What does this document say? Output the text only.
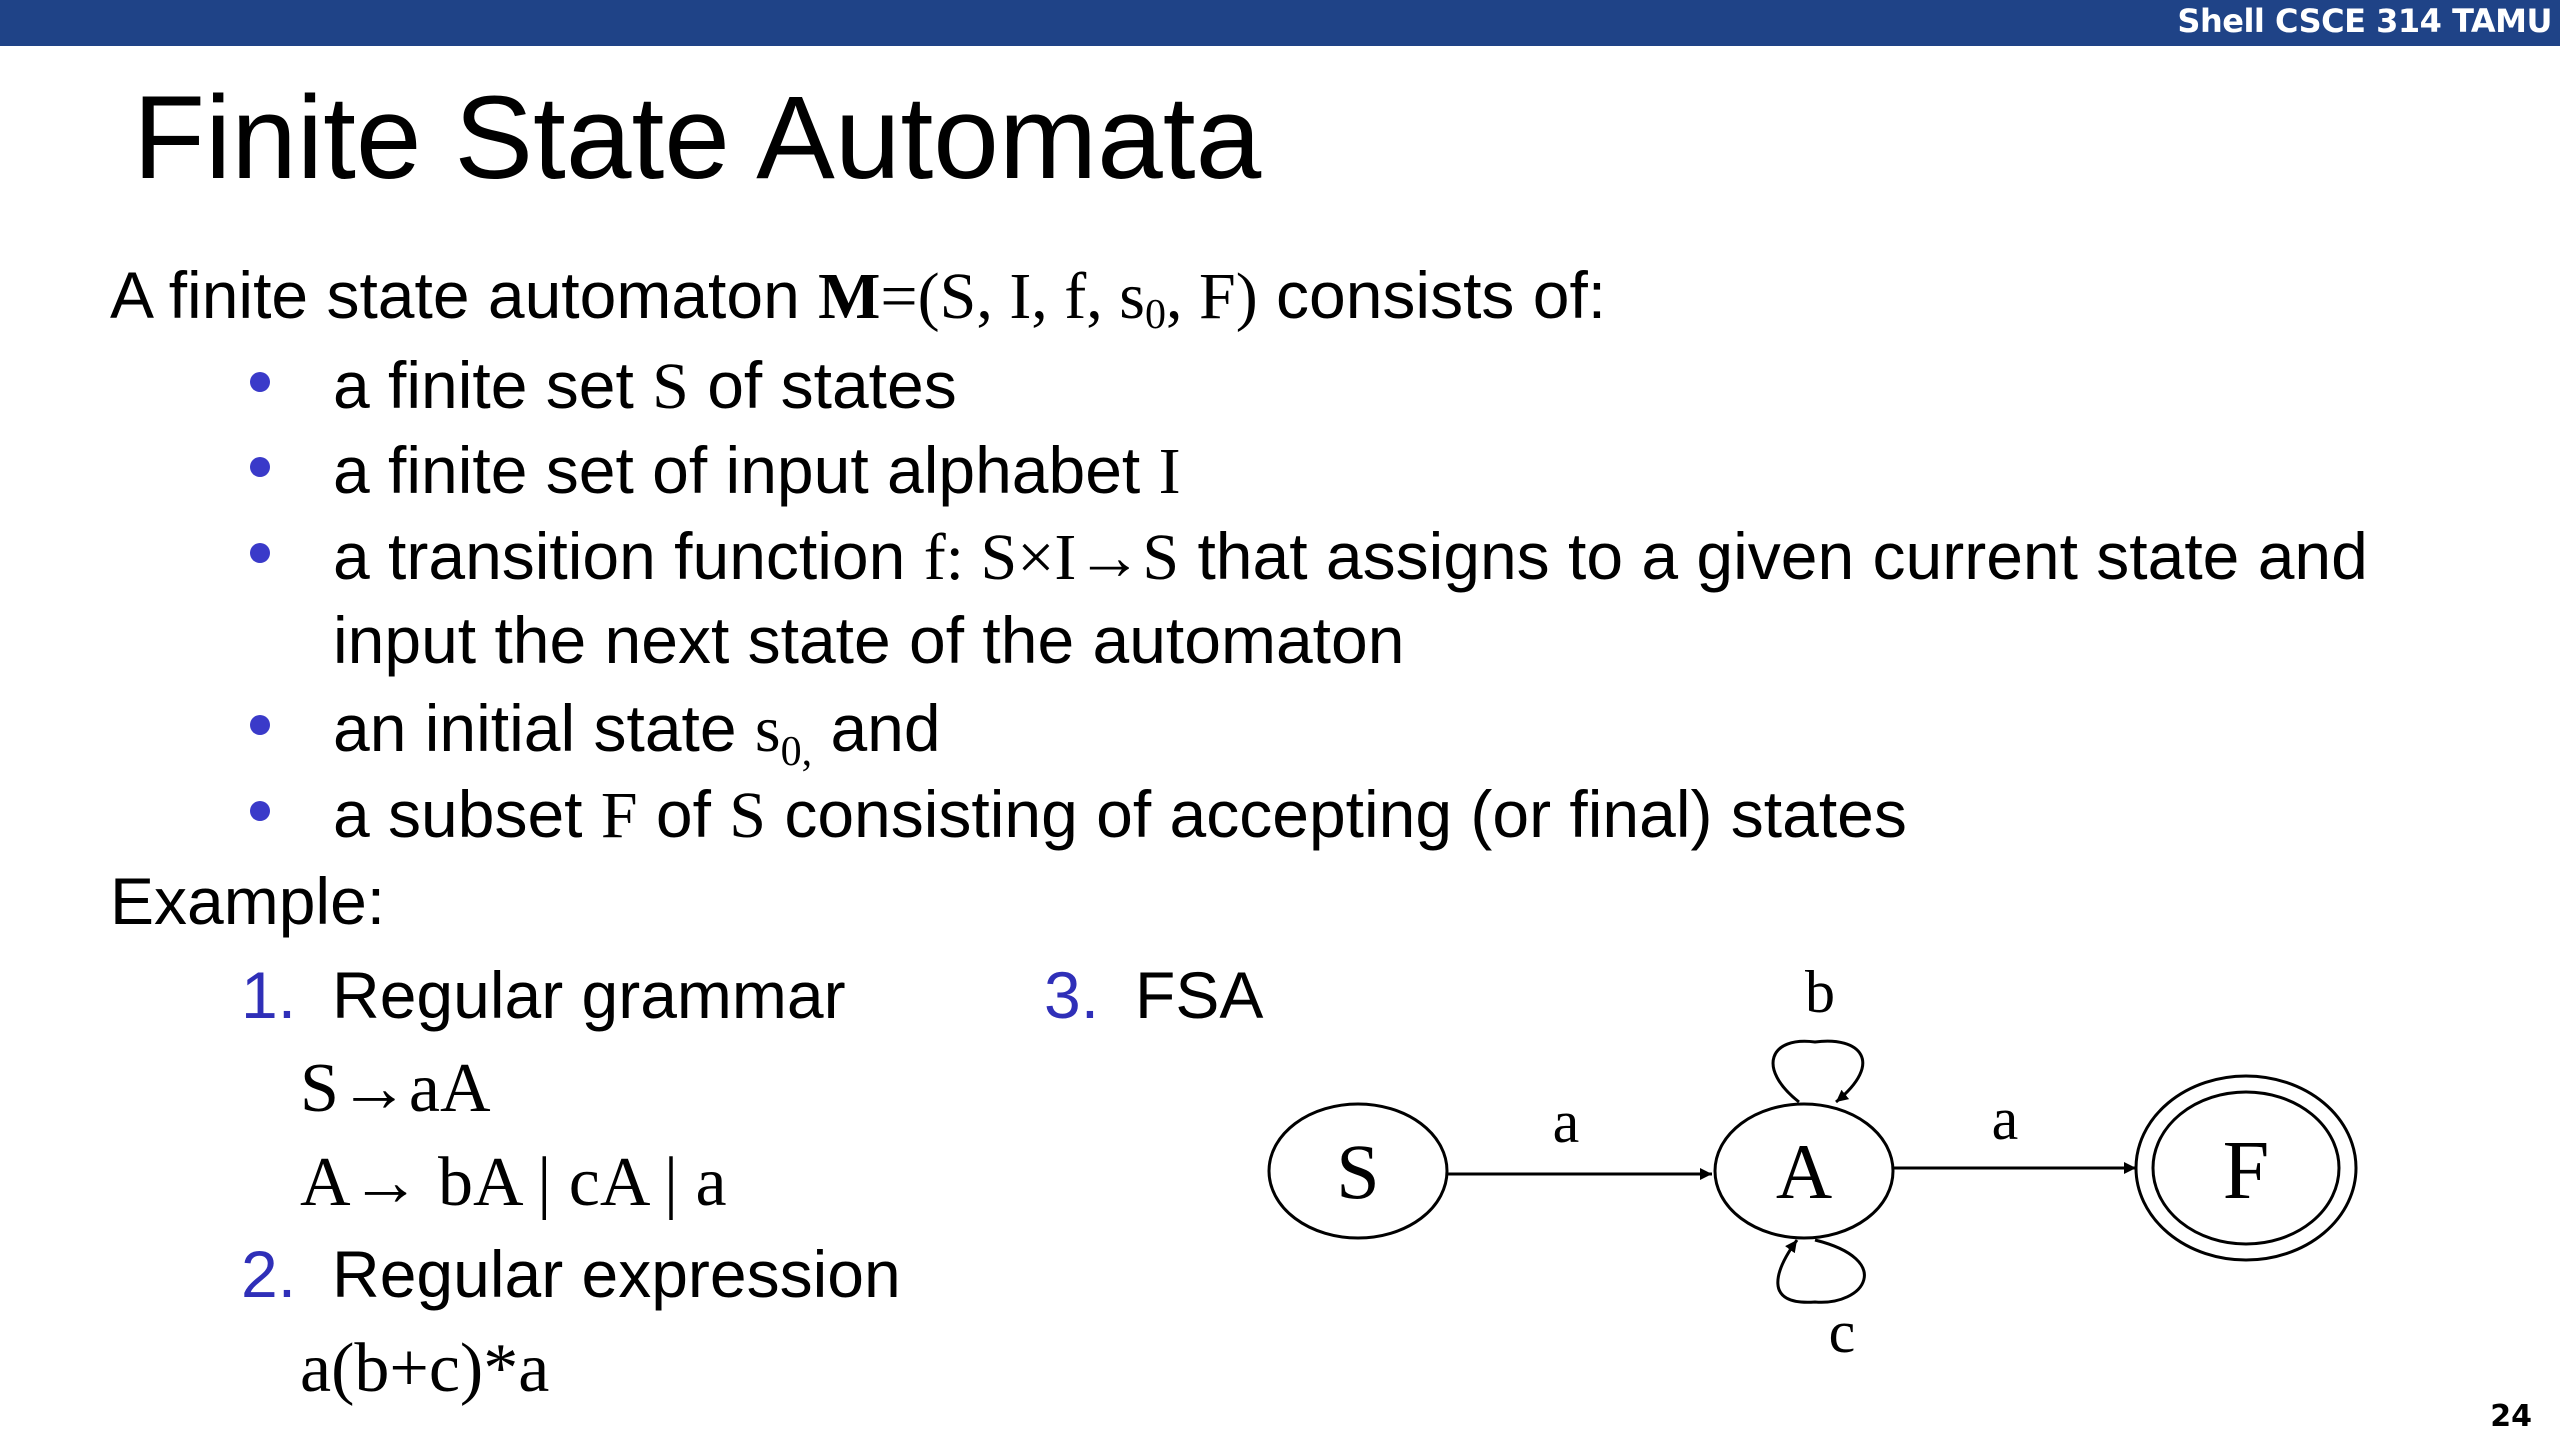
Shell CSCE 314 TAMU
Finite State Automata
A finite state automaton M=(S, I, f, s0, F) consists of:
a finite set S of states
a finite set of input alphabet I
a transition function f: S×I→S that assigns to a given current state and
input the next state of the automaton
an initial state $s_{0,}$ and
a subset F of S consisting of accepting (or final) states
Example:
1. Regular grammar
S→aA
A→ bA | cA | a
2. Regular expression
a(b+c)*a
3. FSA
S	A	F
a	a
b
c
24
